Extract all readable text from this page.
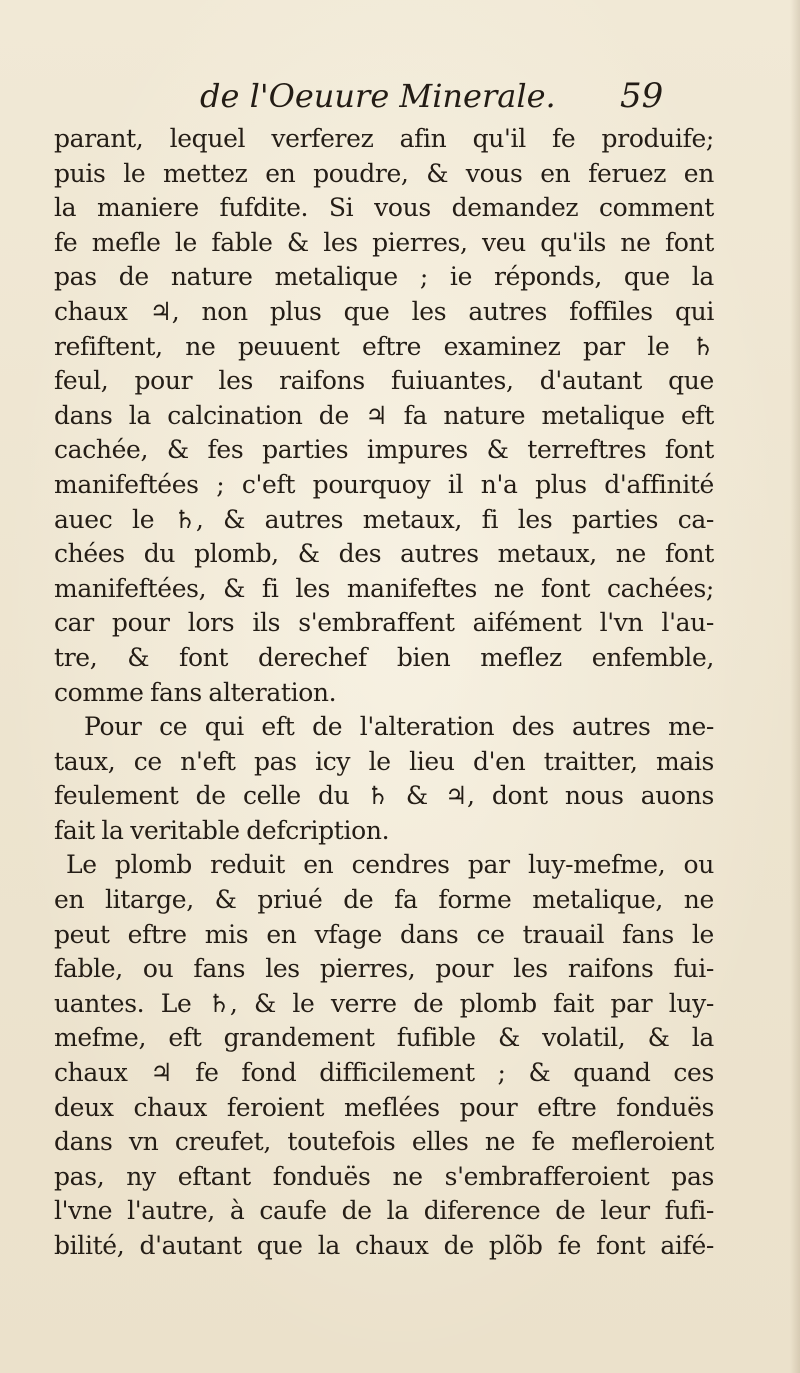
de l'Oeuure Minerale. 59
parant, lequel verferez afin qu'il fe produife;
puis le mettez en poudre, & vous en feruez en
la maniere fufdite. Si vous demandez comment
fe mefle le fable & les pierres, veu qu'ils ne font
pas de nature metalique ; ie réponds, que la
chaux ♃, non plus que les autres foffiles qui
refiftent, ne peuuent eftre examinez par le ♄
feul, pour les raifons fuiuantes, d'autant que
dans la calcination de ♃ fa nature metalique eft
cachée, & fes parties impures & terreftres font
manifeftées ; c'eft pourquoy il n'a plus d'affinité
auec le ♄, & autres metaux, fi les parties ca-
chées du plomb, & des autres metaux, ne font
manifeftées, & fi les manifeftes ne font cachées;
car pour lors ils s'embraffent aifément l'vn l'au-
tre, & font derechef bien meflez enfemble,
comme fans alteration.
Pour ce qui eft de l'alteration des autres me-
taux, ce n'eft pas icy le lieu d'en traitter, mais
feulement de celle du ♄ & ♃, dont nous auons
fait la veritable defcription.
Le plomb reduit en cendres par luy-mefme, ou
en litarge, & priué de fa forme metalique, ne
peut eftre mis en vfage dans ce trauail fans le
fable, ou fans les pierres, pour les raifons fui-
uantes. Le ♄, & le verre de plomb fait par luy-
mefme, eft grandement fufible & volatil, & la
chaux ♃ fe fond difficilement ; & quand ces
deux chaux feroient meflées pour eftre fonduës
dans vn creufet, toutefois elles ne fe mefleroient
pas, ny eftant fonduës ne s'embrafferoient pas
l'vne l'autre, à caufe de la diference de leur fufi-
bilité, d'autant que la chaux de plõb fe font aifé-
